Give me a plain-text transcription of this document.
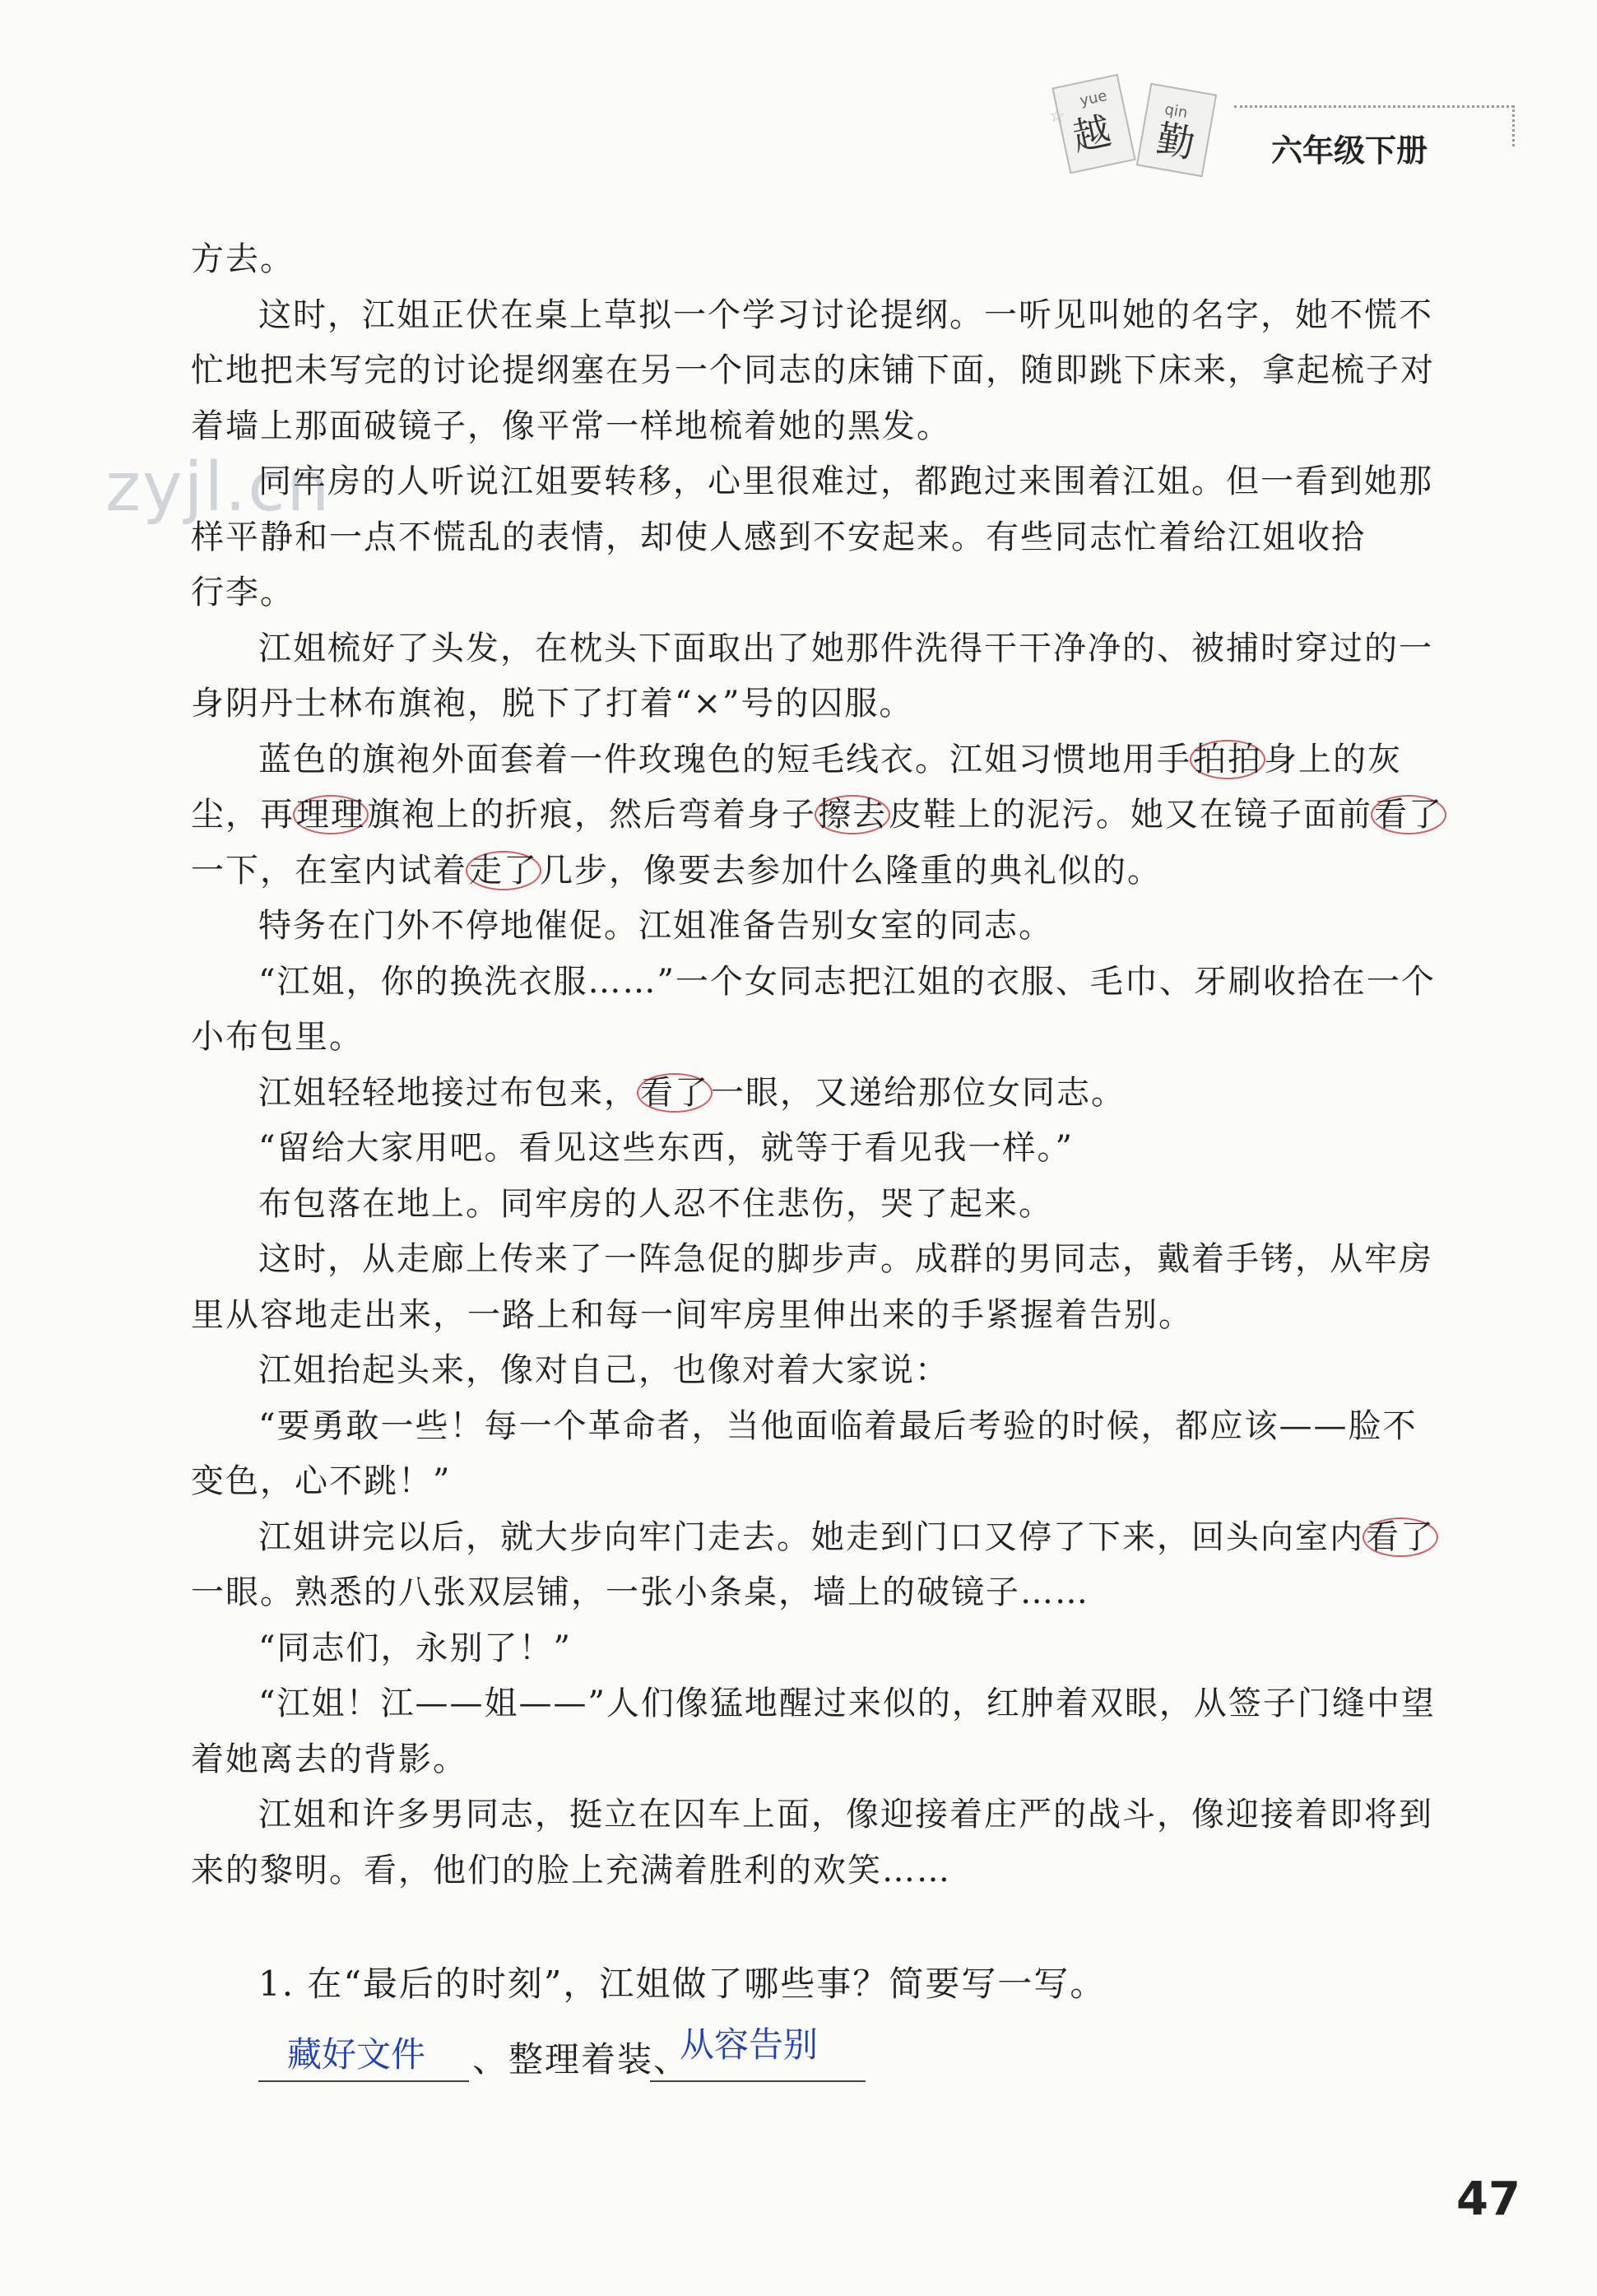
☆
yue
越	qin
勤 六年级下册
zyjl.cn
方去。
这时，江姐正伏在桌上草拟一个学习讨论提纲。一听见叫她的名字，她不慌不
忙地把未写完的讨论提纲塞在另一个同志的床铺下面，随即跳下床来，拿起梳子对
着墙上那面破镜子，像平常一样地梳着她的黑发。
同牢房的人听说江姐要转移，心里很难过，都跑过来围着江姐。但一看到她那
样平静和一点不慌乱的表情，却使人感到不安起来。有些同志忙着给江姐收拾
行李。
江姐梳好了头发，在枕头下面取出了她那件洗得干干净净的、被捕时穿过的一
身阴丹士林布旗袍，脱下了打着“×”号的囚服。
蓝色的旗袍外面套着一件玫瑰色的短毛线衣。江姐习惯地用手拍拍身上的灰
尘，再理理旗袍上的折痕，然后弯着身子擦去皮鞋上的泥污。她又在镜子面前看了
一下，在室内试着走了几步，像要去参加什么隆重的典礼似的。
特务在门外不停地催促。江姐准备告别女室的同志。
“江姐，你的换洗衣服……”一个女同志把江姐的衣服、毛巾、牙刷收拾在一个
小布包里。
江姐轻轻地接过布包来，看了一眼，又递给那位女同志。
“留给大家用吧。看见这些东西，就等于看见我一样。”
布包落在地上。同牢房的人忍不住悲伤，哭了起来。
这时，从走廊上传来了一阵急促的脚步声。成群的男同志，戴着手铐，从牢房
里从容地走出来，一路上和每一间牢房里伸出来的手紧握着告别。
江姐抬起头来，像对自己，也像对着大家说：
“要勇敢一些！每一个革命者，当他面临着最后考验的时候，都应该——脸不
变色，心不跳！”
江姐讲完以后，就大步向牢门走去。她走到门口又停了下来，回头向室内看了
一眼。熟悉的八张双层铺，一张小条桌，墙上的破镜子……
“同志们，永别了！”
“江姐！江——姐——”人们像猛地醒过来似的，红肿着双眼，从签子门缝中望
着她离去的背影。
江姐和许多男同志，挺立在囚车上面，像迎接着庄严的战斗，像迎接着即将到
来的黎明。看，他们的脸上充满着胜利的欢笑……
1. 在“最后的时刻”，江姐做了哪些事？简要写一写。
藏好文件 、整理着装、
从容告别
47
